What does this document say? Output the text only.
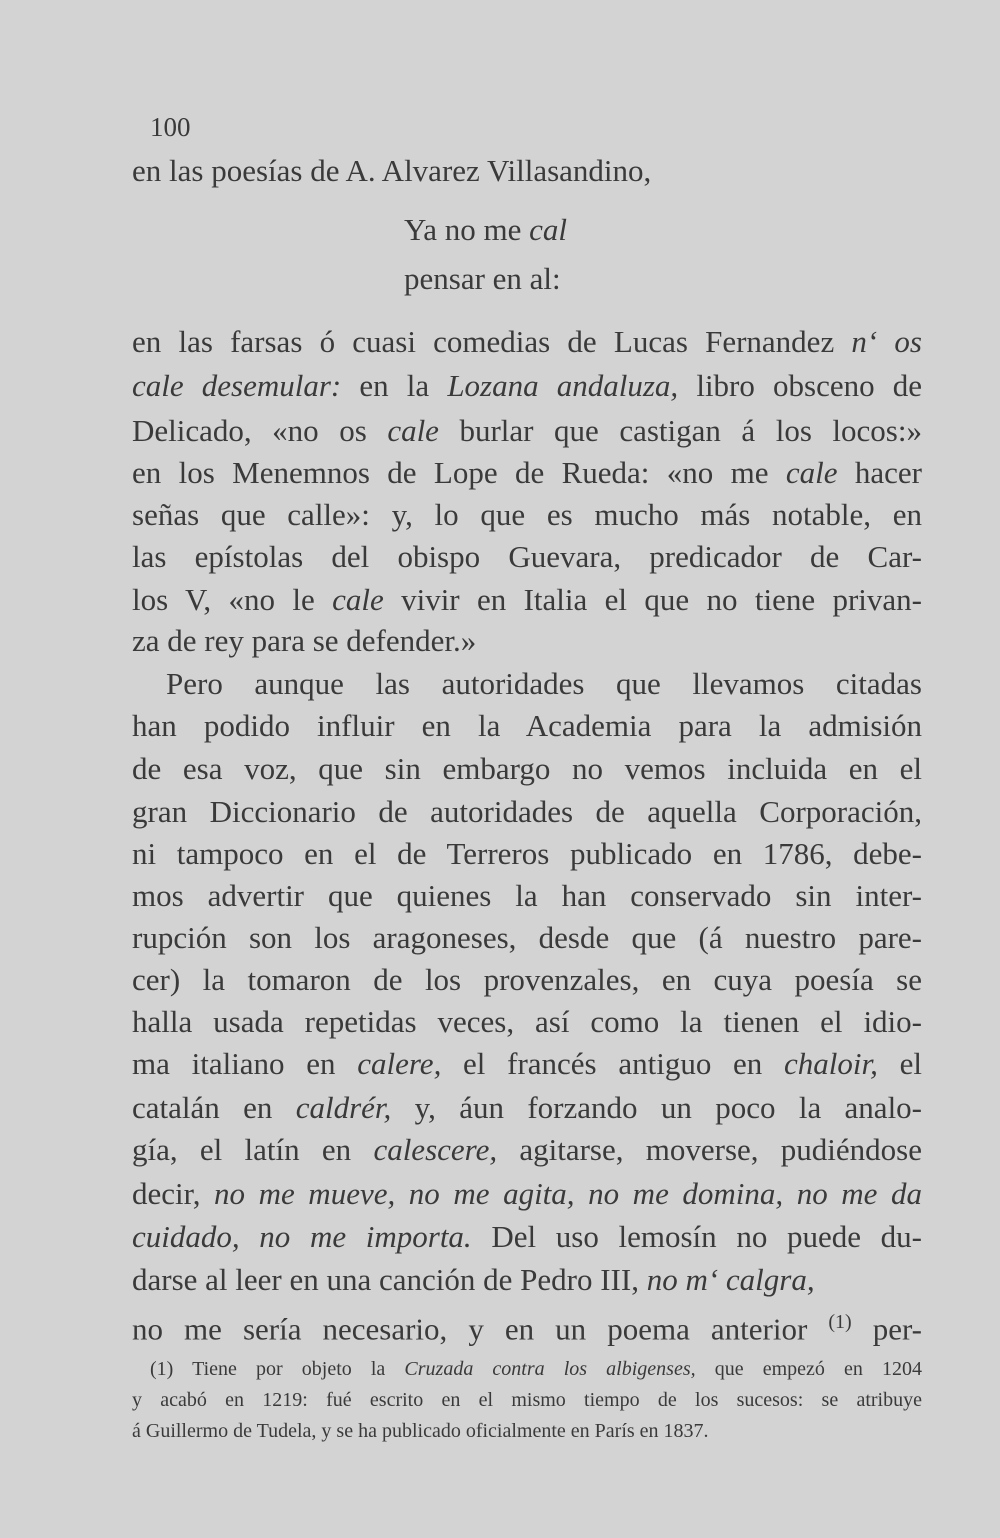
100
en las poesías de A. Alvarez Villasandino,
Ya no me cal
pensar en al:
en las farsas ó cuasi comedias de Lucas Fernandez n‘ os
cale desemular: en la Lozana andaluza, libro obsceno de
Delicado, «no os cale burlar que castigan á los locos:»
en los Menemnos de Lope de Rueda: «no me cale hacer
señas que calle»: y, lo que es mucho más notable, en
las epístolas del obispo Guevara, predicador de Car-
los V, «no le cale vivir en Italia el que no tiene privan-
za de rey para se defender.»
Pero aunque las autoridades que llevamos citadas
han podido influir en la Academia para la admisión
de esa voz, que sin embargo no vemos incluida en el
gran Diccionario de autoridades de aquella Corporación,
ni tampoco en el de Terreros publicado en 1786, debe-
mos advertir que quienes la han conservado sin inter-
rupción son los aragoneses, desde que (á nuestro pare-
cer) la tomaron de los provenzales, en cuya poesía se
halla usada repetidas veces, así como la tienen el idio-
ma italiano en calere, el francés antiguo en chaloir, el
catalán en caldrér, y, áun forzando un poco la analo-
gía, el latín en calescere, agitarse, moverse, pudiéndose
decir, no me mueve, no me agita, no me domina, no me da
cuidado, no me importa. Del uso lemosín no puede du-
darse al leer en una canción de Pedro III, no m‘ calgra,
no me sería necesario, y en un poema anterior $^{(1)}$ per-
(1) Tiene por objeto la Cruzada contra los albigenses, que empezó en 1204
y acabó en 1219: fué escrito en el mismo tiempo de los sucesos: se atribuye
á Guillermo de Tudela, y se ha publicado oficialmente en París en 1837.
